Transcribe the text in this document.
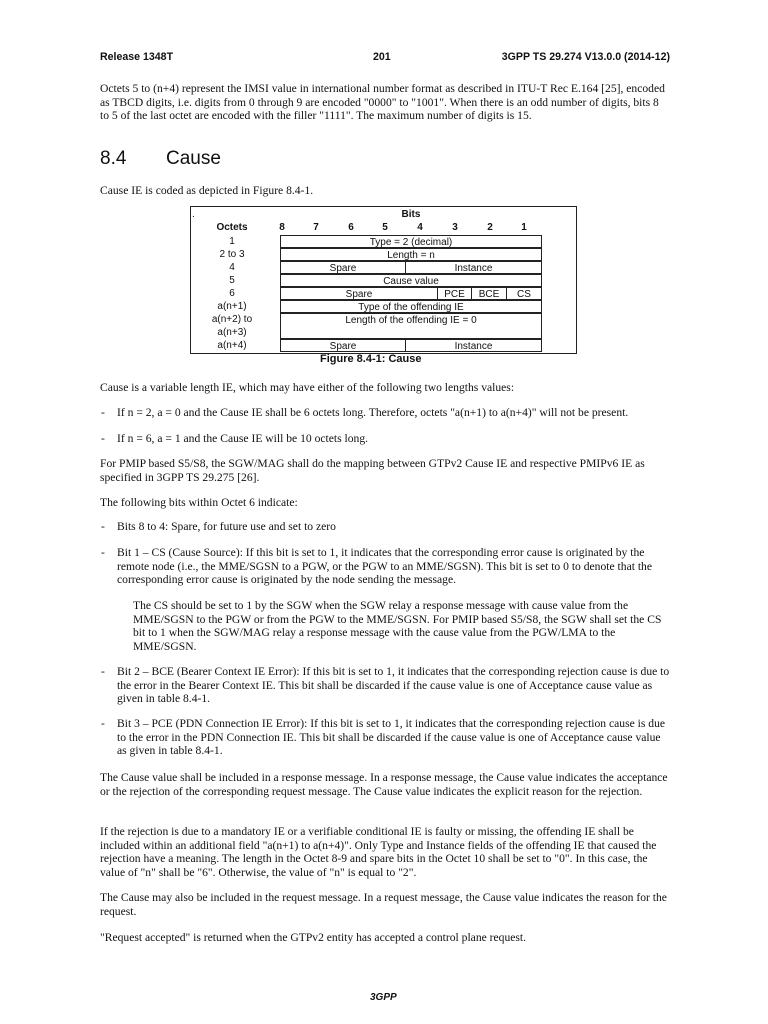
Release 1348T	201	3GPP TS 29.274 V13.0.0 (2014-12)

Octets 5 to (n+4) represent the IMSI value in international number format as described in ITU-T Rec E.164 [25], encoded as TBCD digits, i.e. digits from 0 through 9 are encoded "0000" to "1001". When there is an odd number of digits, bits 8 to 5 of the last octet are encoded with the filler "1111". The maximum number of digits is 15.

8.4 Cause

Cause IE is coded as depicted in Figure 8.4-1.

.	Bits
Octets	8	7	6	5	4	3	2	1
1	Type = 2 (decimal)
2 to 3	Length = n
4	Spare	Instance
5	Cause value
6	Spare	PCE	BCE	CS
a(n+1)	Type of the offending IE
a(n+2) to
a(n+3)
Length of the offending IE = 0
a(n+4)	Spare	Instance
Figure 8.4-1: Cause

Cause is a variable length IE, which may have either of the following two lengths values:

- If n = 2, a = 0 and the Cause IE shall be 6 octets long. Therefore, octets "a(n+1) to a(n+4)" will not be present.

- If n = 6, a = 1 and the Cause IE will be 10 octets long.

For PMIP based S5/S8, the SGW/MAG shall do the mapping between GTPv2 Cause IE and respective PMIPv6 IE as specified in 3GPP TS 29.275 [26].

The following bits within Octet 6 indicate:

- Bits 8 to 4: Spare, for future use and set to zero

- Bit 1 – CS (Cause Source): If this bit is set to 1, it indicates that the corresponding error cause is originated by the remote node (i.e., the MME/SGSN to a PGW, or the PGW to an MME/SGSN). This bit is set to 0 to denote that the corresponding error cause is originated by the node sending the message.

The CS should be set to 1 by the SGW when the SGW relay a response message with cause value from the MME/SGSN to the PGW or from the PGW to the MME/SGSN. For PMIP based S5/S8, the SGW shall set the CS bit to 1 when the SGW/MAG relay a response message with the cause value from the PGW/LMA to the MME/SGSN.

- Bit 2 – BCE (Bearer Context IE Error): If this bit is set to 1, it indicates that the corresponding rejection cause is due to the error in the Bearer Context IE. This bit shall be discarded if the cause value is one of Acceptance cause value as given in table 8.4-1.

- Bit 3 – PCE (PDN Connection IE Error): If this bit is set to 1, it indicates that the corresponding rejection cause is due to the error in the PDN Connection IE. This bit shall be discarded if the cause value is one of Acceptance cause value as given in table 8.4-1.

The Cause value shall be included in a response message. In a response message, the Cause value indicates the acceptance or the rejection of the corresponding request message. The Cause value indicates the explicit reason for the rejection.

If the rejection is due to a mandatory IE or a verifiable conditional IE is faulty or missing, the offending IE shall be included within an additional field "a(n+1) to a(n+4)". Only Type and Instance fields of the offending IE that caused the rejection have a meaning. The length in the Octet 8-9 and spare bits in the Octet 10 shall be set to "0". In this case, the value of "n" shall be "6". Otherwise, the value of "n" is equal to "2".

The Cause may also be included in the request message. In a request message, the Cause value indicates the reason for the request.

"Request accepted" is returned when the GTPv2 entity has accepted a control plane request.

3GPP
